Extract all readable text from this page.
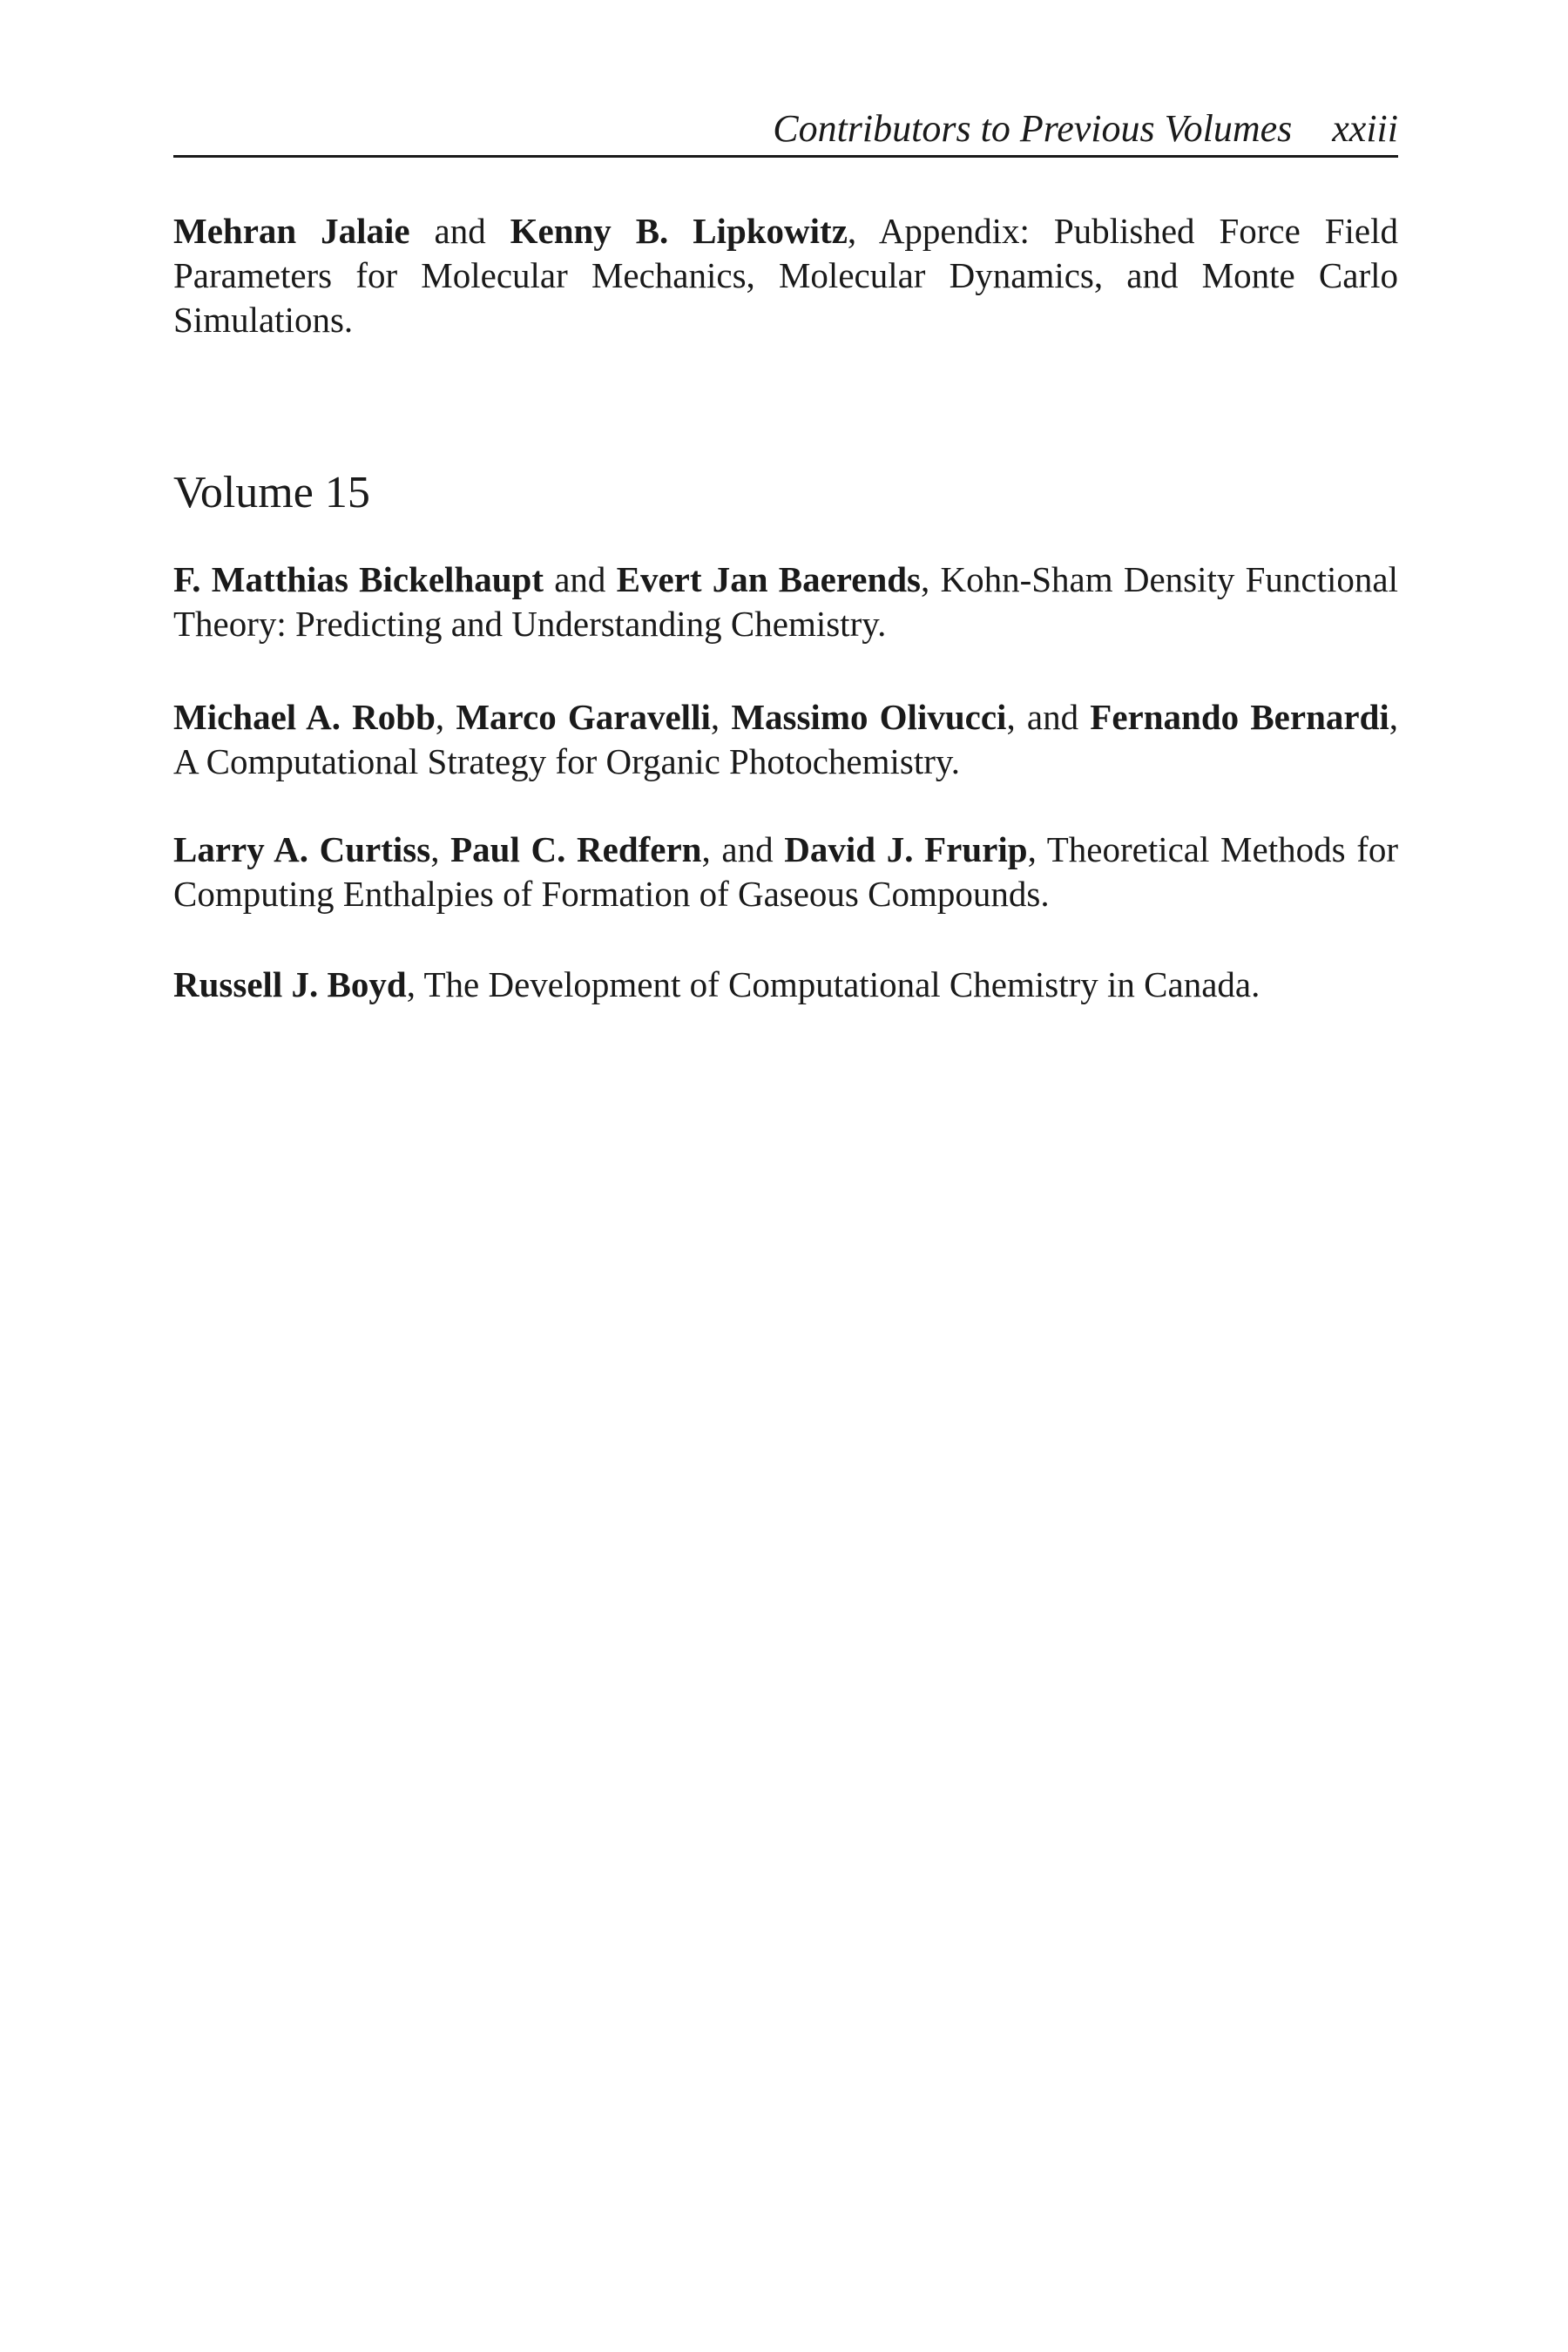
Contributors to Previous Volumes xxiii

Mehran Jalaie and Kenny B. Lipkowitz, Appendix: Published Force Field Parameters for Molecular Mechanics, Molecular Dynamics, and Monte Carlo Simulations.

Volume 15

F. Matthias Bickelhaupt and Evert Jan Baerends, Kohn-Sham Density Functional Theory: Predicting and Understanding Chemistry.

Michael A. Robb, Marco Garavelli, Massimo Olivucci, and Fernando Bernardi, A Computational Strategy for Organic Photochemistry.

Larry A. Curtiss, Paul C. Redfern, and David J. Frurip, Theoretical Methods for Computing Enthalpies of Formation of Gaseous Compounds.

Russell J. Boyd, The Development of Computational Chemistry in Canada.
